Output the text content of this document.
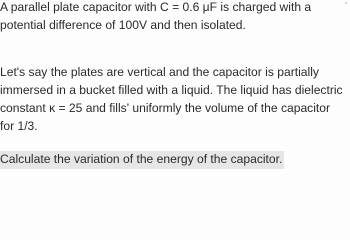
A parallel plate capacitor with C = 0.6 μF is charged with a
potential difference of 100V and then isolated.
Let's say the plates are vertical and the capacitor is partially
immersed in a bucket filled with a liquid. The liquid has dielectric
constant κ = 25 and fills' uniformly the volume of the capacitor
for 1/3.
Calculate the variation of the energy of the capacitor.
